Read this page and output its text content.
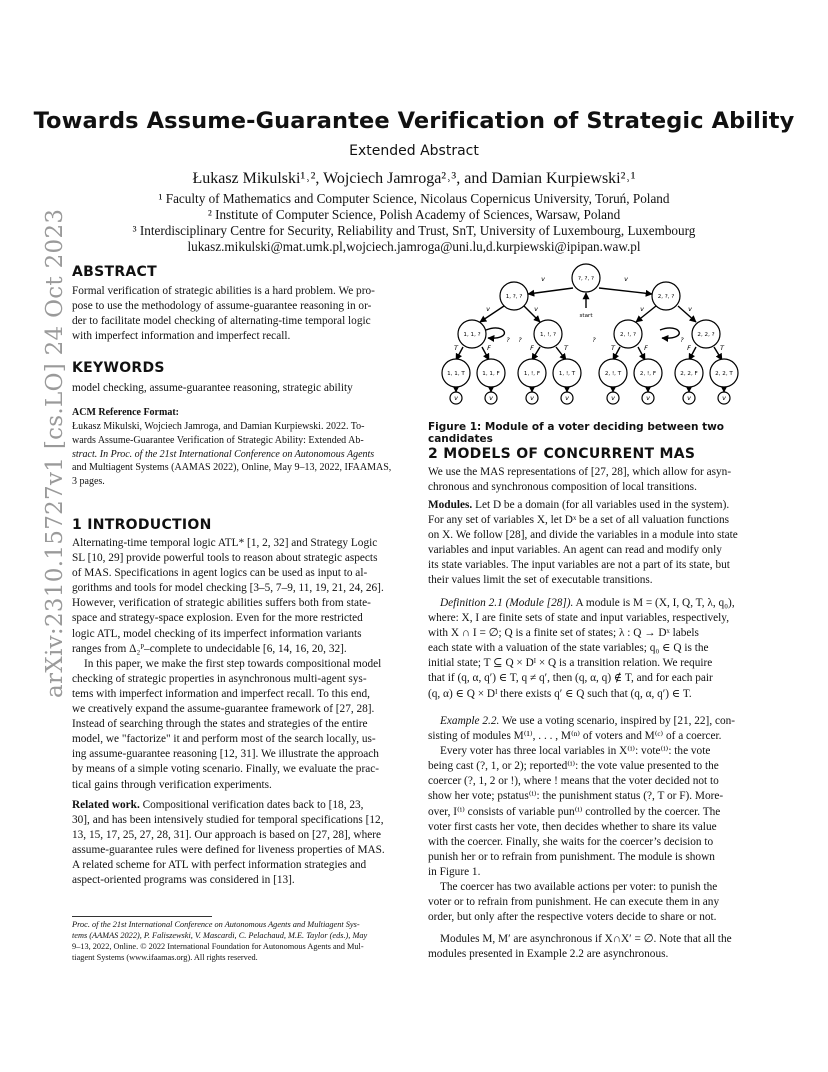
arXiv:2310.15727v1 [cs.LO] 24 Oct 2023
Towards Assume-Guarantee Verification of Strategic Ability
Extended Abstract
Łukasz Mikulski¹˒², Wojciech Jamroga²˒³, and Damian Kurpiewski²˒¹
¹ Faculty of Mathematics and Computer Science, Nicolaus Copernicus University, Toruń, Poland
² Institute of Computer Science, Polish Academy of Sciences, Warsaw, Poland
³ Interdisciplinary Centre for Security, Reliability and Trust, SnT, University of Luxembourg, Luxembourg
lukasz.mikulski@mat.umk.pl,wojciech.jamroga@uni.lu,d.kurpiewski@ipipan.waw.pl
ABSTRACT
Formal verification of strategic abilities is a hard problem. We pro-
pose to use the methodology of assume-guarantee reasoning in or-
der to facilitate model checking of alternating-time temporal logic
with imperfect information and imperfect recall.
KEYWORDS
model checking, assume-guarantee reasoning, strategic ability
ACM Reference Format:
Łukasz Mikulski, Wojciech Jamroga, and Damian Kurpiewski. 2022. To-
wards Assume-Guarantee Verification of Strategic Ability: Extended Ab-
stract. In Proc. of the 21st International Conference on Autonomous Agents
and Multiagent Systems (AAMAS 2022), Online, May 9–13, 2022, IFAAMAS,
3 pages.
1 INTRODUCTION
Alternating-time temporal logic ATL* [1, 2, 32] and Strategy Logic
SL [10, 29] provide powerful tools to reason about strategic aspects
of MAS. Specifications in agent logics can be used as input to al-
gorithms and tools for model checking [3–5, 7–9, 11, 19, 21, 24, 26].
However, verification of strategic abilities suffers both from state-
space and strategy-space explosion. Even for the more restricted
logic ATL, model checking of its imperfect information variants
ranges from Δ₂ᴾ–complete to undecidable [6, 14, 16, 20, 32].
In this paper, we make the first step towards compositional model
checking of strategic properties in asynchronous multi-agent sys-
tems with imperfect information and imperfect recall. To this end,
we creatively expand the assume-guarantee framework of [27, 28].
Instead of searching through the states and strategies of the entire
model, we "factorize" it and perform most of the search locally, us-
ing assume-guarantee reasoning [12, 31]. We illustrate the approach
by means of a simple voting scenario. Finally, we evaluate the prac-
tical gains through verification experiments.
Related work. Compositional verification dates back to [18, 23,
30], and has been intensively studied for temporal specifications [12,
13, 15, 17, 25, 27, 28, 31]. Our approach is based on [27, 28], where
assume-guarantee rules were defined for liveness properties of MAS.
A related scheme for ATL with perfect information strategies and
aspect-oriented programs was considered in [13].
Proc. of the 21st International Conference on Autonomous Agents and Multiagent Sys-
tems (AAMAS 2022), P. Faliszewski, V. Mascardi, C. Pelachaud, M.E. Taylor (eds.), May
9–13, 2022, Online. © 2022 International Foundation for Autonomous Agents and Mul-
tiagent Systems (www.ifaamas.org). All rights reserved.
?, ?, ?
start
1, ?, ?	2, ?, ?
1, 1, ?	1, !, ?	2, !, ?	2, 2, ?
1, 1, T	1, 1, F	1, !, F	1, !, T	2, !, T	2, !, F	2, 2, F	2, 2, T
v	v
v	v	v	v
? ?	?
?
T	F	F	T	T	F	F	T
v	v	v	v	v	v	v	v
Figure 1: Module of a voter deciding between two candidates
2 MODELS OF CONCURRENT MAS
We use the MAS representations of [27, 28], which allow for asyn-
chronous and synchronous composition of local transitions.
Modules. Let D be a domain (for all variables used in the system).
For any set of variables X, let Dˣ be a set of all valuation functions
on X. We follow [28], and divide the variables in a module into state
variables and input variables. An agent can read and modify only
its state variables. The input variables are not a part of its state, but
their values limit the set of executable transitions.
Definition 2.1 (Module [28]). A module is M = (X, I, Q, T, λ, q₀),
where: X, I are finite sets of state and input variables, respectively,
with X ∩ I = ∅; Q is a finite set of states; λ : Q → Dˣ labels
each state with a valuation of the state variables; q₀ ∈ Q is the
initial state; T ⊆ Q × Dᴵ × Q is a transition relation. We require
that if (q, α, q′) ∈ T, q ≠ q′, then (q, α, q) ∉ T, and for each pair
(q, α) ∈ Q × Dᴵ there exists q′ ∈ Q such that (q, α, q′) ∈ T.
Example 2.2. We use a voting scenario, inspired by [21, 22], con-
sisting of modules M⁽¹⁾, . . . , M⁽ⁿ⁾ of voters and M⁽ᶜ⁾ of a coercer.
Every voter has three local variables in X⁽ⁱ⁾: vote⁽ⁱ⁾: the vote
being cast (?, 1, or 2); reported⁽ⁱ⁾: the vote value presented to the
coercer (?, 1, 2 or !), where ! means that the voter decided not to
show her vote; pstatus⁽ⁱ⁾: the punishment status (?, T or F). More-
over, I⁽ⁱ⁾ consists of variable pun⁽ⁱ⁾ controlled by the coercer. The
voter first casts her vote, then decides whether to share its value
with the coercer. Finally, she waits for the coercer’s decision to
punish her or to refrain from punishment. The module is shown
in Figure 1.
The coercer has two available actions per voter: to punish the
voter or to refrain from punishment. He can execute them in any
order, but only after the respective voters decide to share or not.
Modules M, M′ are asynchronous if X∩X′ = ∅. Note that all the
modules presented in Example 2.2 are asynchronous.
